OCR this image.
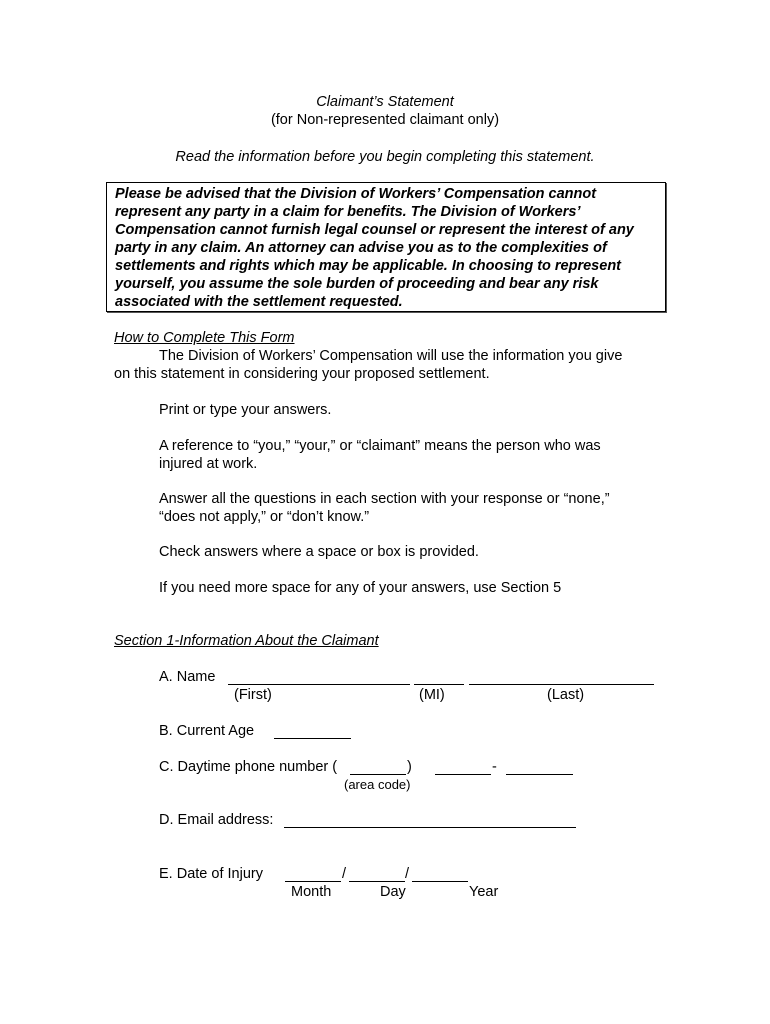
Claimant’s Statement
(for Non-represented claimant only)
Read the information before you begin completing this statement.
Please be advised that the Division of Workers’ Compensation cannot represent any party in a claim for benefits. The Division of Workers’ Compensation cannot furnish legal counsel or represent the interest of any party in any claim. An attorney can advise you as to the complexities of settlements and rights which may be applicable. In choosing to represent yourself, you assume the sole burden of proceeding and bear any risk associated with the settlement requested.
How to Complete This Form
The Division of Workers’ Compensation will use the information you give
on this statement in considering your proposed settlement.
Print or type your answers.
A reference to “you,” “your,” or “claimant” means the person who was
injured at work.
Answer all the questions in each section with your response or “none,”
“does not apply,” or “don’t know.”
Check answers where a space or box is provided.
If you need more space for any of your answers, use Section 5
Section 1-Information About the Claimant
A. Name
(First)	(MI)	(Last)
B. Current Age
C. Daytime phone number (	)	-
(area code)
D. Email address:
E. Date of Injury	/	/
Month	Day	Year
